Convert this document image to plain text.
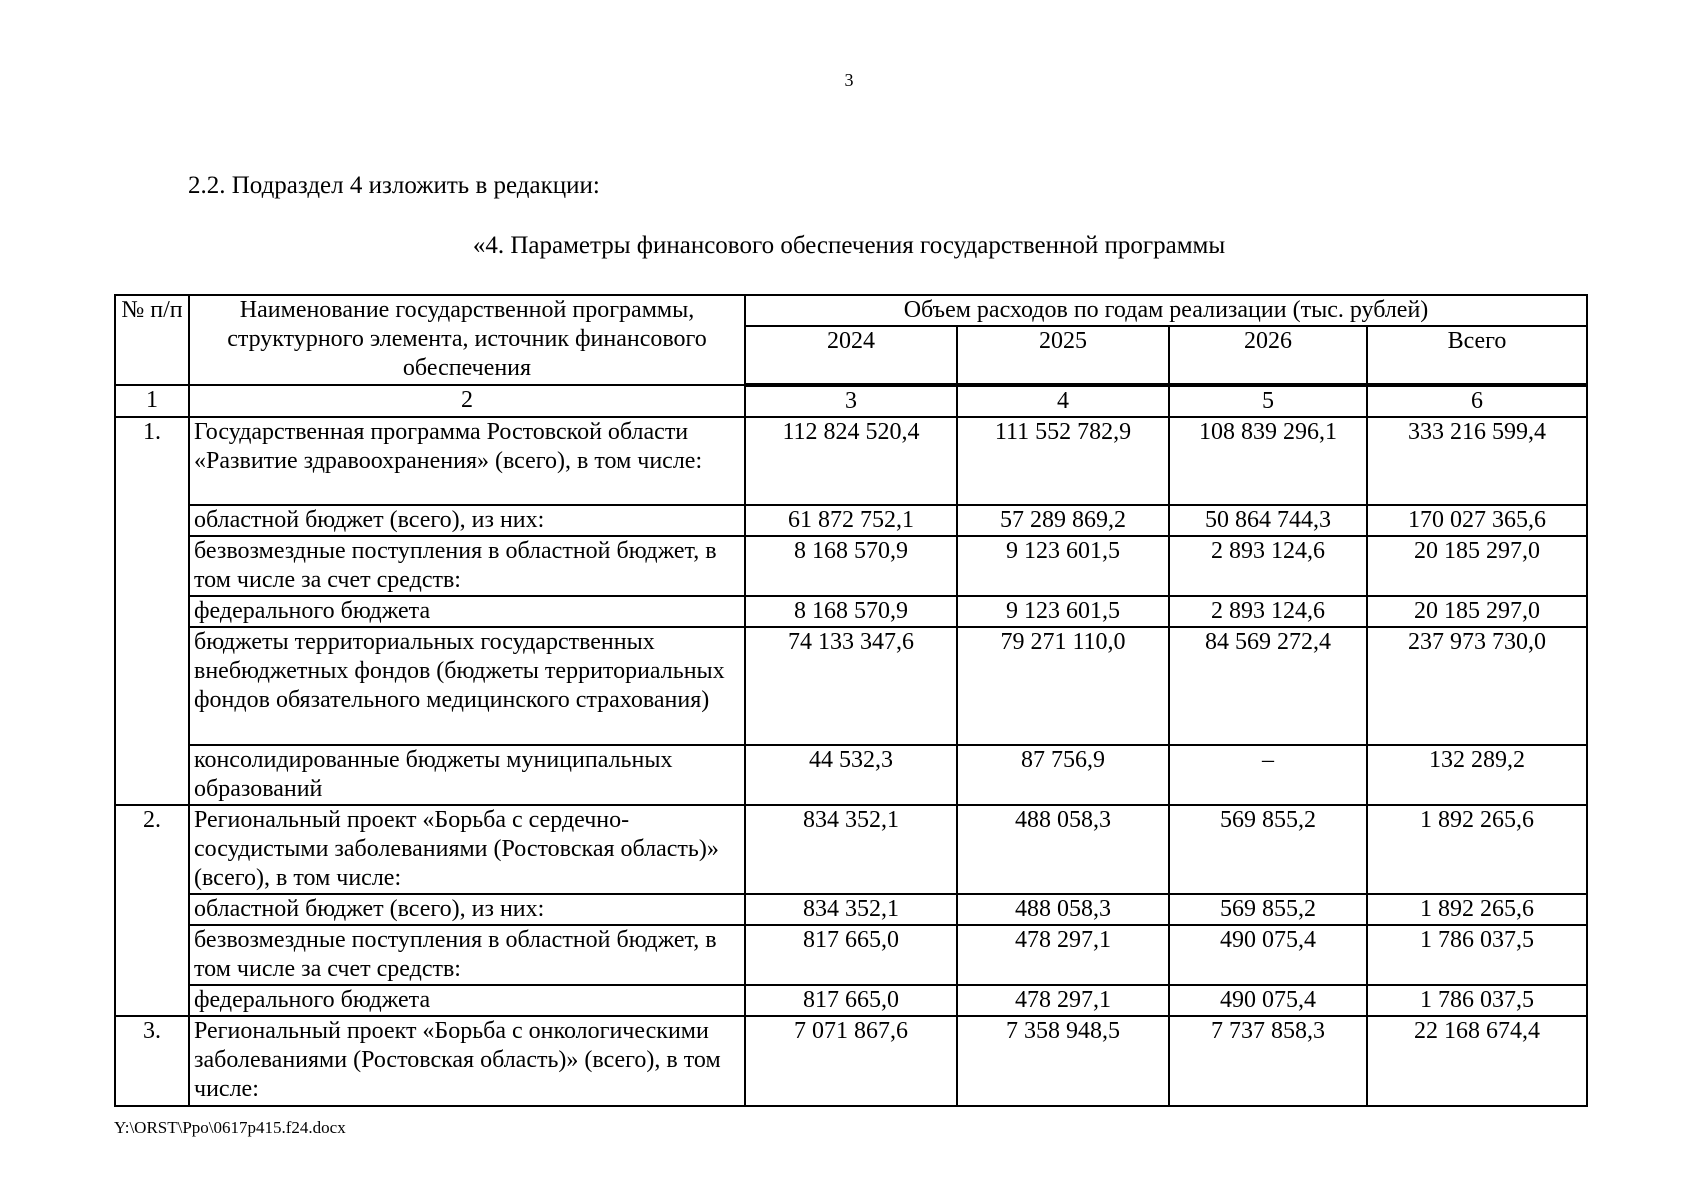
3
2.2. Подраздел 4 изложить в редакции:
«4. Параметры финансового обеспечения государственной программы
№ п/п	Наименование государственной программы, структурного элемента, источник финансового обеспечения	Объем расходов по годам реализации (тыс. рублей)			
		2024	2025	2026	Всего
1	2	3	4	5	6
1.	Государственная программа Ростовской области «Развитие здравоохранения» (всего), в том числе:	112 824 520,4	111 552 782,9	108 839 296,1	333 216 599,4
	областной бюджет (всего), из них:	61 872 752,1	57 289 869,2	50 864 744,3	170 027 365,6
	безвозмездные поступления в областной бюджет, в том числе за счет средств:	8 168 570,9	9 123 601,5	2 893 124,6	20 185 297,0
	федерального бюджета	8 168 570,9	9 123 601,5	2 893 124,6	20 185 297,0
	бюджеты территориальных государственных внебюджетных фондов (бюджеты территориальных фондов обязательного медицинского страхования)	74 133 347,6	79 271 110,0	84 569 272,4	237 973 730,0
	консолидированные бюджеты муниципальных образований	44 532,3	87 756,9	–	132 289,2
2.	Региональный проект «Борьба с сердечно-сосудистыми заболеваниями (Ростовская область)» (всего), в том числе:	834 352,1	488 058,3	569 855,2	1 892 265,6
	областной бюджет (всего), из них:	834 352,1	488 058,3	569 855,2	1 892 265,6
	безвозмездные поступления в областной бюджет, в том числе за счет средств:	817 665,0	478 297,1	490 075,4	1 786 037,5
	федерального бюджета	817 665,0	478 297,1	490 075,4	1 786 037,5
3.	Региональный проект «Борьба с онкологическими заболеваниями (Ростовская область)» (всего), в том числе:	7 071 867,6	7 358 948,5	7 737 858,3	22 168 674,4
Y:\ORST\Ppo\0617p415.f24.docx
